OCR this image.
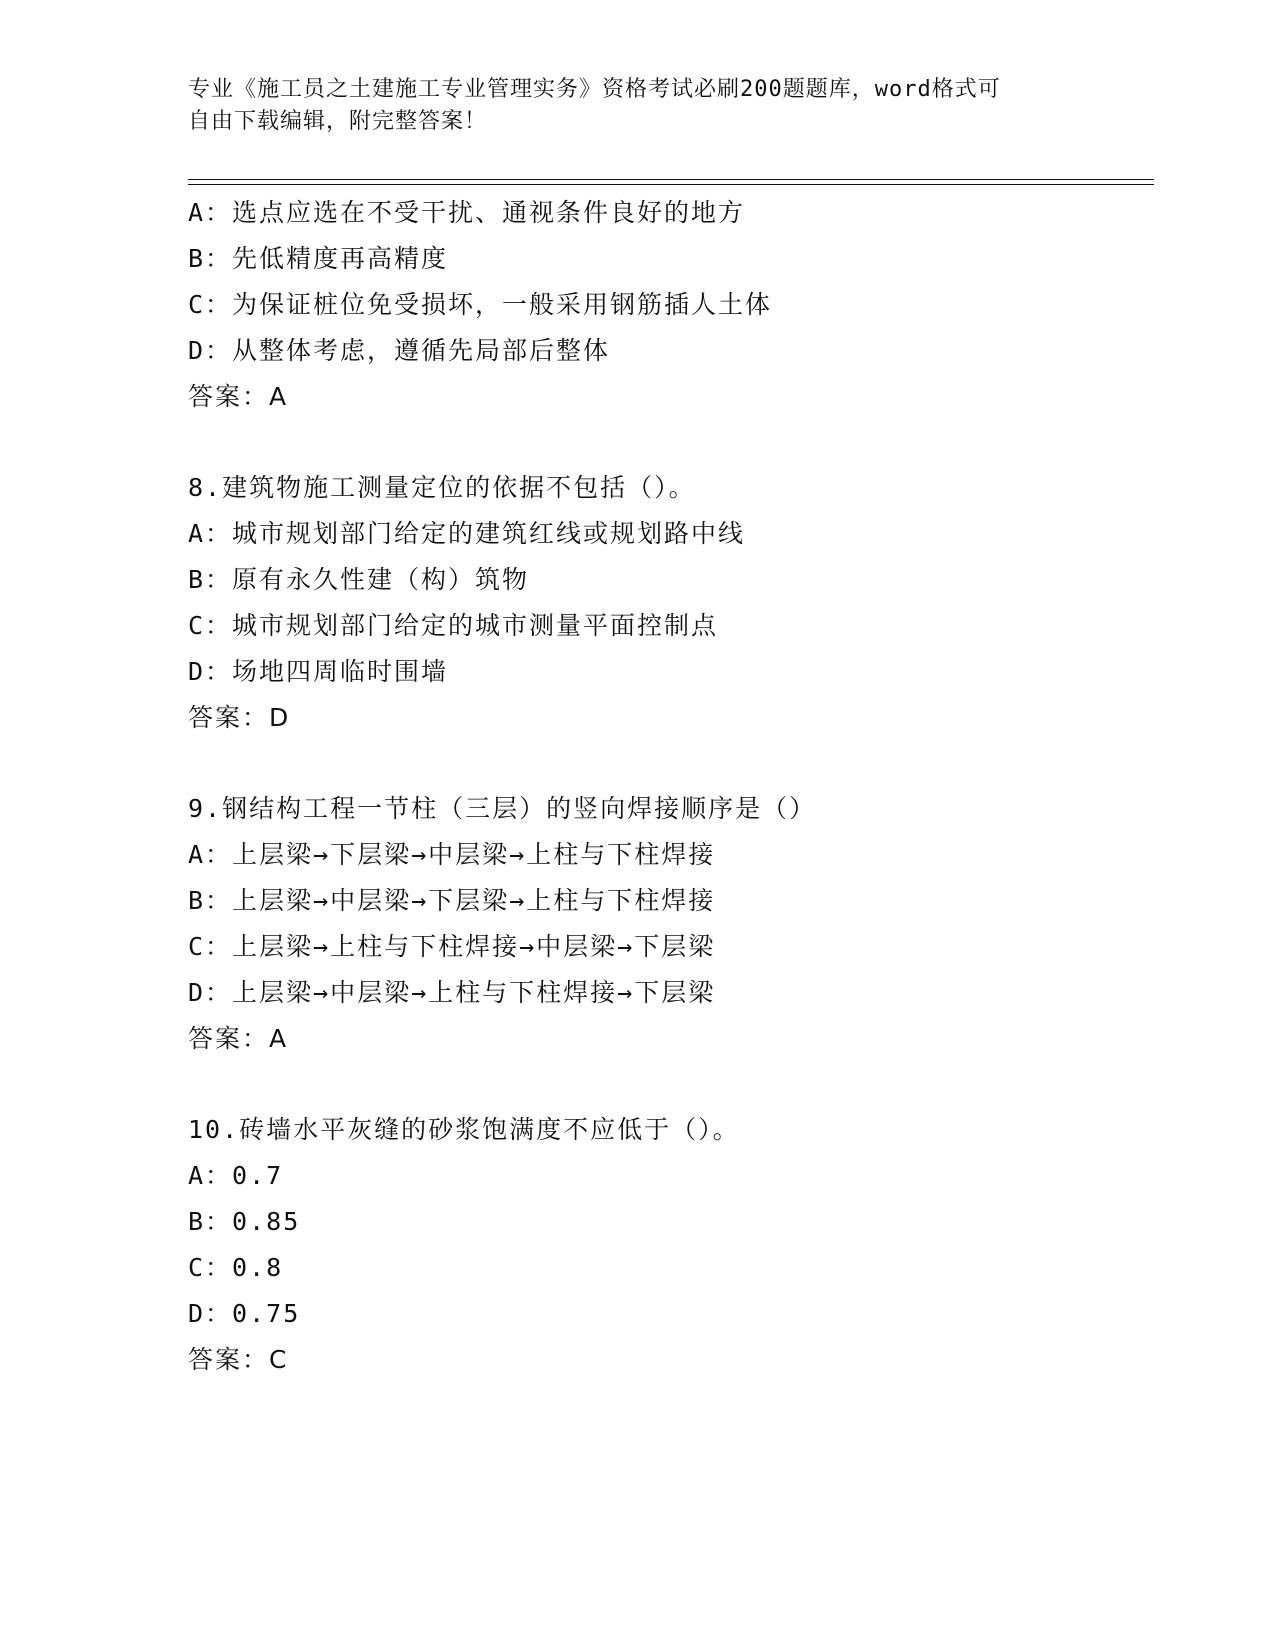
专业《施工员之土建施工专业管理实务》资格考试必刷200题题库，word格式可
自由下载编辑，附完整答案！
A：选点应选在不受干扰、通视条件良好的地方
B：先低精度再高精度
C：为保证桩位免受损坏，一般采用钢筋插人土体
D：从整体考虑，遵循先局部后整体
答案：A
8.建筑物施工测量定位的依据不包括（）。
A：城市规划部门给定的建筑红线或规划路中线
B：原有永久性建（构）筑物
C：城市规划部门给定的城市测量平面控制点
D：场地四周临时围墙
答案：D
9.钢结构工程一节柱（三层）的竖向焊接顺序是（）
A：上层梁→下层梁→中层梁→上柱与下柱焊接
B：上层梁→中层梁→下层梁→上柱与下柱焊接
C：上层梁→上柱与下柱焊接→中层梁→下层梁
D：上层梁→中层梁→上柱与下柱焊接→下层梁
答案：A
10.砖墙水平灰缝的砂浆饱满度不应低于（）。
A：0.7
B：0.85
C：0.8
D：0.75
答案：C
